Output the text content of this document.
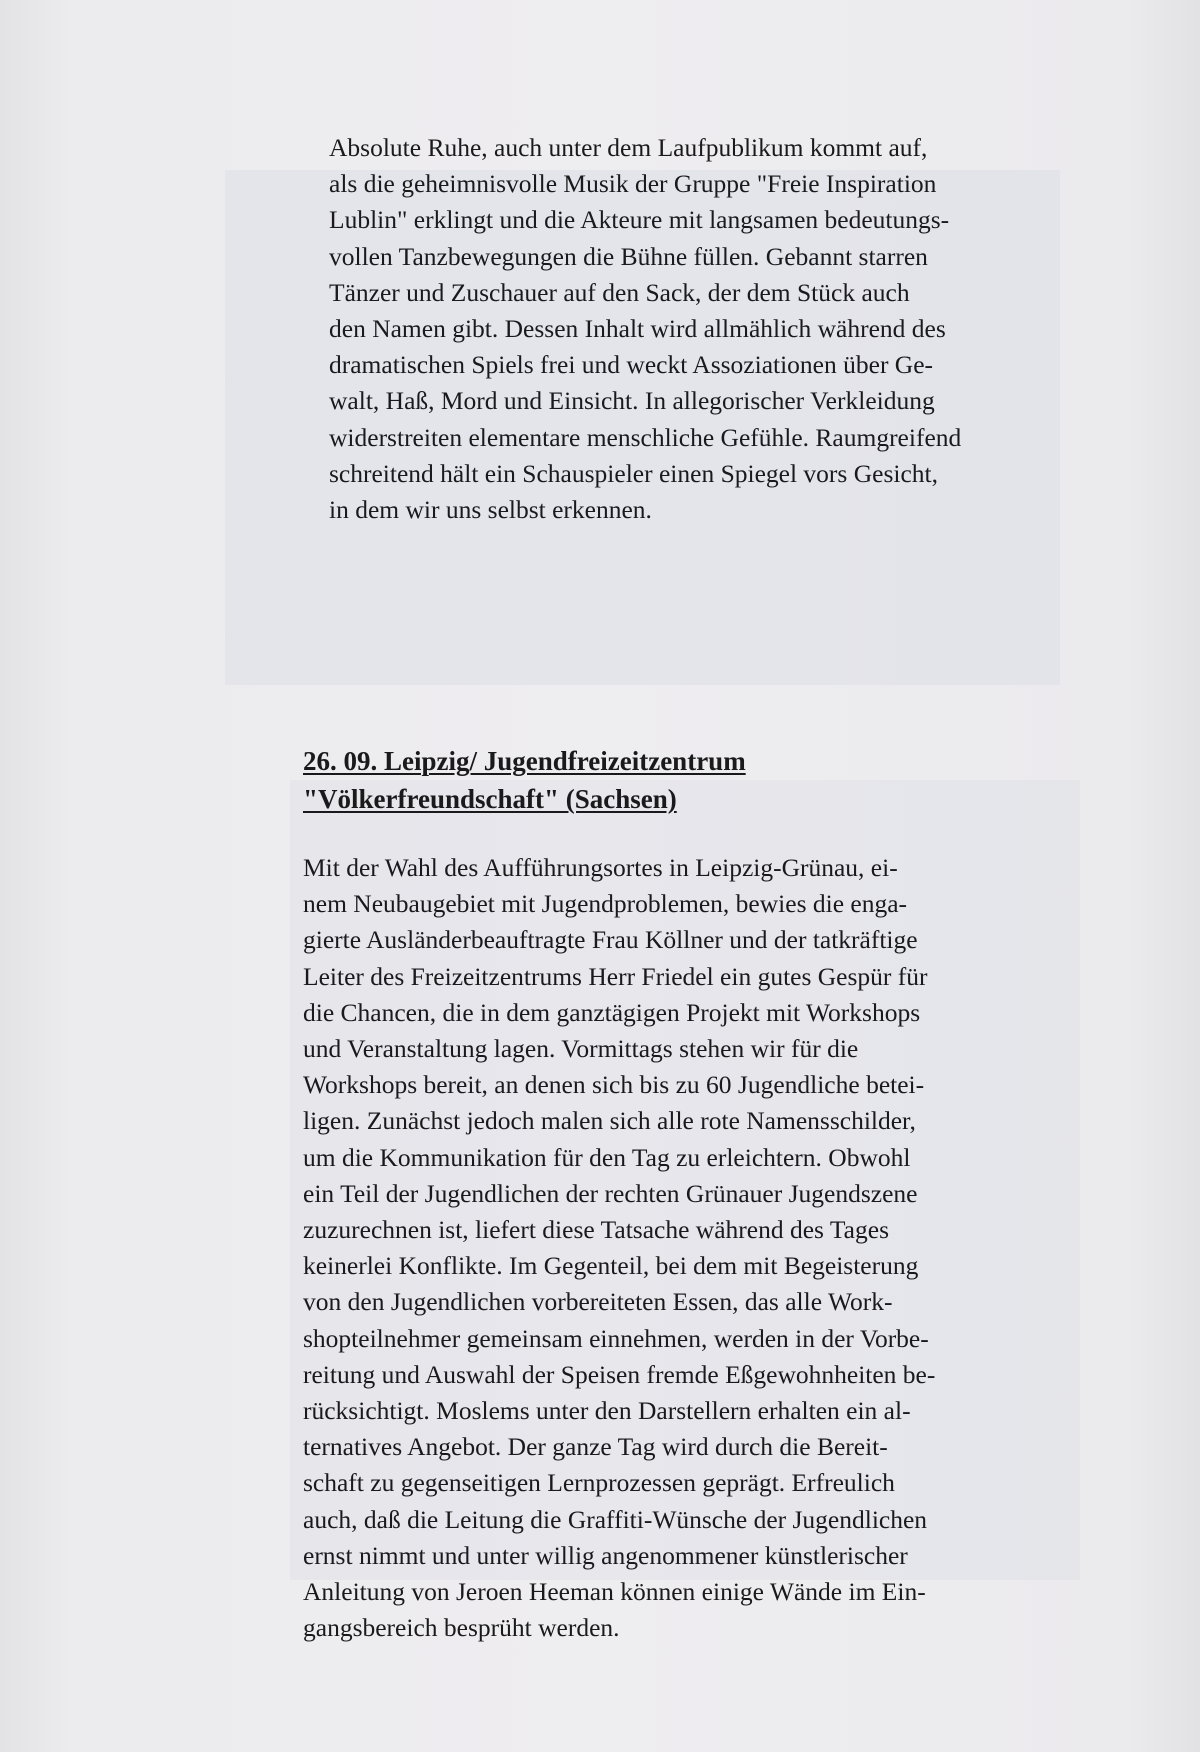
Absolute Ruhe, auch unter dem Laufpublikum kommt auf,
als die geheimnisvolle Musik der Gruppe "Freie Inspiration
Lublin" erklingt und die Akteure mit langsamen bedeutungs-
vollen Tanzbewegungen die Bühne füllen. Gebannt starren
Tänzer und Zuschauer auf den Sack, der dem Stück auch
den Namen gibt. Dessen Inhalt wird allmählich während des
dramatischen Spiels frei und weckt Assoziationen über Ge-
walt, Haß, Mord und Einsicht. In allegorischer Verkleidung
widerstreiten elementare menschliche Gefühle. Raumgreifend
schreitend hält ein Schauspieler einen Spiegel vors Gesicht,
in dem wir uns selbst erkennen.

26. 09. Leipzig/ Jugendfreizeitzentrum
"Völkerfreundschaft" (Sachsen)

Mit der Wahl des Aufführungsortes in Leipzig-Grünau, ei-
nem Neubaugebiet mit Jugendproblemen, bewies die enga-
gierte Ausländerbeauftragte Frau Köllner und der tatkräftige
Leiter des Freizeitzentrums Herr Friedel ein gutes Gespür für
die Chancen, die in dem ganztägigen Projekt mit Workshops
und Veranstaltung lagen. Vormittags stehen wir für die
Workshops bereit, an denen sich bis zu 60 Jugendliche betei-
ligen. Zunächst jedoch malen sich alle rote Namensschilder,
um die Kommunikation für den Tag zu erleichtern. Obwohl
ein Teil der Jugendlichen der rechten Grünauer Jugendszene
zuzurechnen ist, liefert diese Tatsache während des Tages
keinerlei Konflikte. Im Gegenteil, bei dem mit Begeisterung
von den Jugendlichen vorbereiteten Essen, das alle Work-
shopteilnehmer gemeinsam einnehmen, werden in der Vorbe-
reitung und Auswahl der Speisen fremde Eßgewohnheiten be-
rücksichtigt. Moslems unter den Darstellern erhalten ein al-
ternatives Angebot. Der ganze Tag wird durch die Bereit-
schaft zu gegenseitigen Lernprozessen geprägt. Erfreulich
auch, daß die Leitung die Graffiti-Wünsche der Jugendlichen
ernst nimmt und unter willig angenommener künstlerischer
Anleitung von Jeroen Heeman können einige Wände im Ein-
gangsbereich besprüht werden.
